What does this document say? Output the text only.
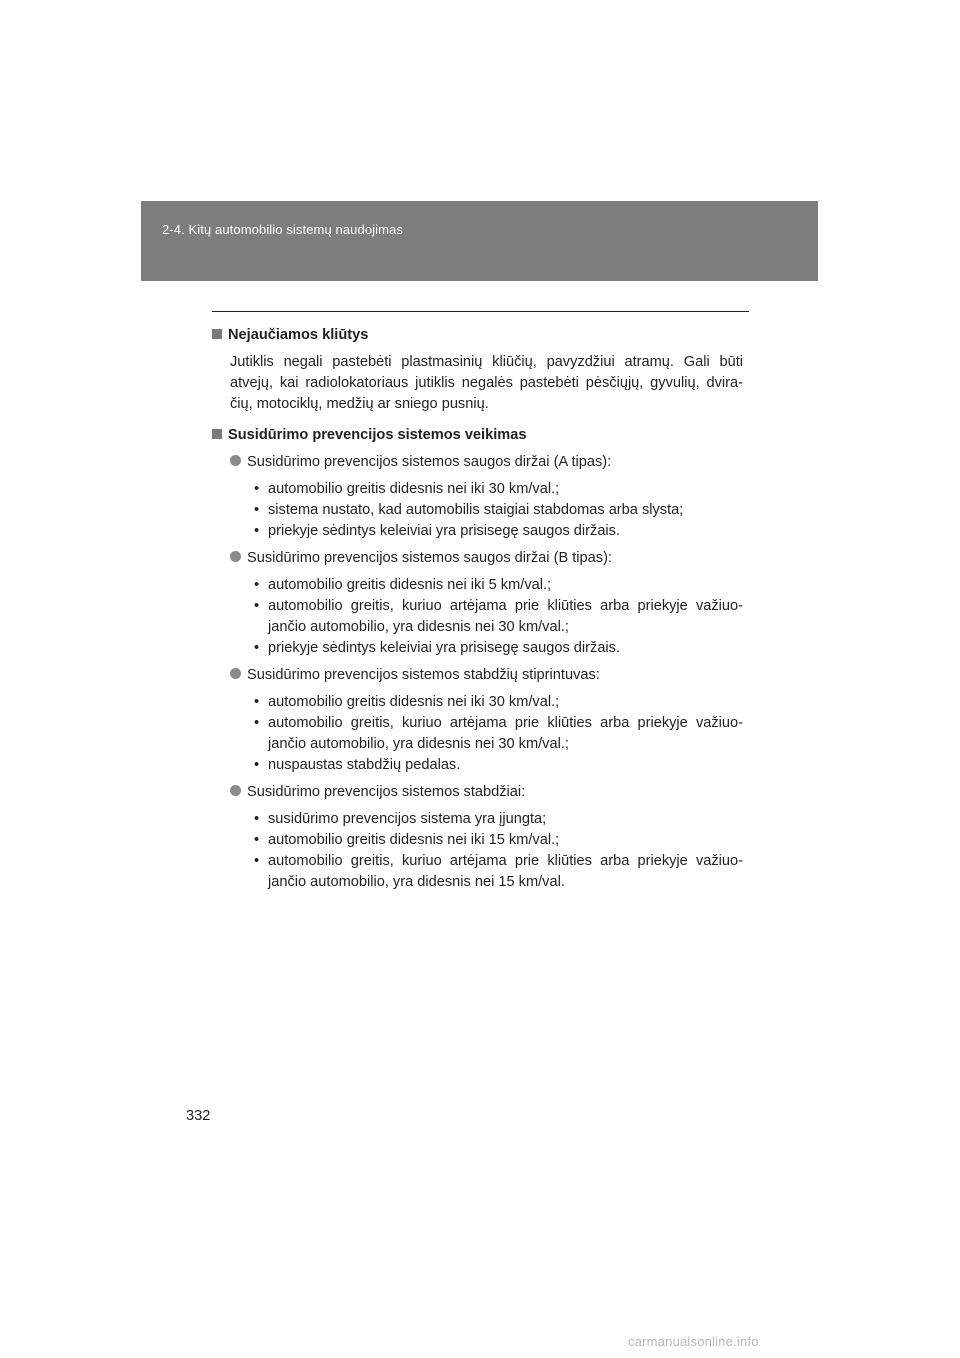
2-4. Kitų automobilio sistemų naudojimas
Nejaučiamos kliūtys
Jutiklis negali pastebėti plastmasinių kliūčių, pavyzdžiui atramų. Gali būti atvejų, kai radiolokatoriaus jutiklis negalės pastebėti pėsčiųjų, gyvulių, dvira-čių, motociklų, medžių ar sniego pusnių.
Susidūrimo prevencijos sistemos veikimas
Susidūrimo prevencijos sistemos saugos diržai (A tipas):
• automobilio greitis didesnis nei iki 30 km/val.;
• sistema nustato, kad automobilis staigiai stabdomas arba slysta;
• priekyje sėdintys keleiviai yra prisisegę saugos diržais.
Susidūrimo prevencijos sistemos saugos diržai (B tipas):
• automobilio greitis didesnis nei iki 5 km/val.;
• automobilio greitis, kuriuo artėjama prie kliūties arba priekyje važiuo-jančio automobilio, yra didesnis nei 30 km/val.;
• priekyje sėdintys keleiviai yra prisisegę saugos diržais.
Susidūrimo prevencijos sistemos stabdžių stiprintuvas:
• automobilio greitis didesnis nei iki 30 km/val.;
• automobilio greitis, kuriuo artėjama prie kliūties arba priekyje važiuo-jančio automobilio, yra didesnis nei 30 km/val.;
• nuspaustas stabdžių pedalas.
Susidūrimo prevencijos sistemos stabdžiai:
• susidūrimo prevencijos sistema yra įjungta;
• automobilio greitis didesnis nei iki 15 km/val.;
• automobilio greitis, kuriuo artėjama prie kliūties arba priekyje važiuo-jančio automobilio, yra didesnis nei 15 km/val.
332
carmanualsonline.info
